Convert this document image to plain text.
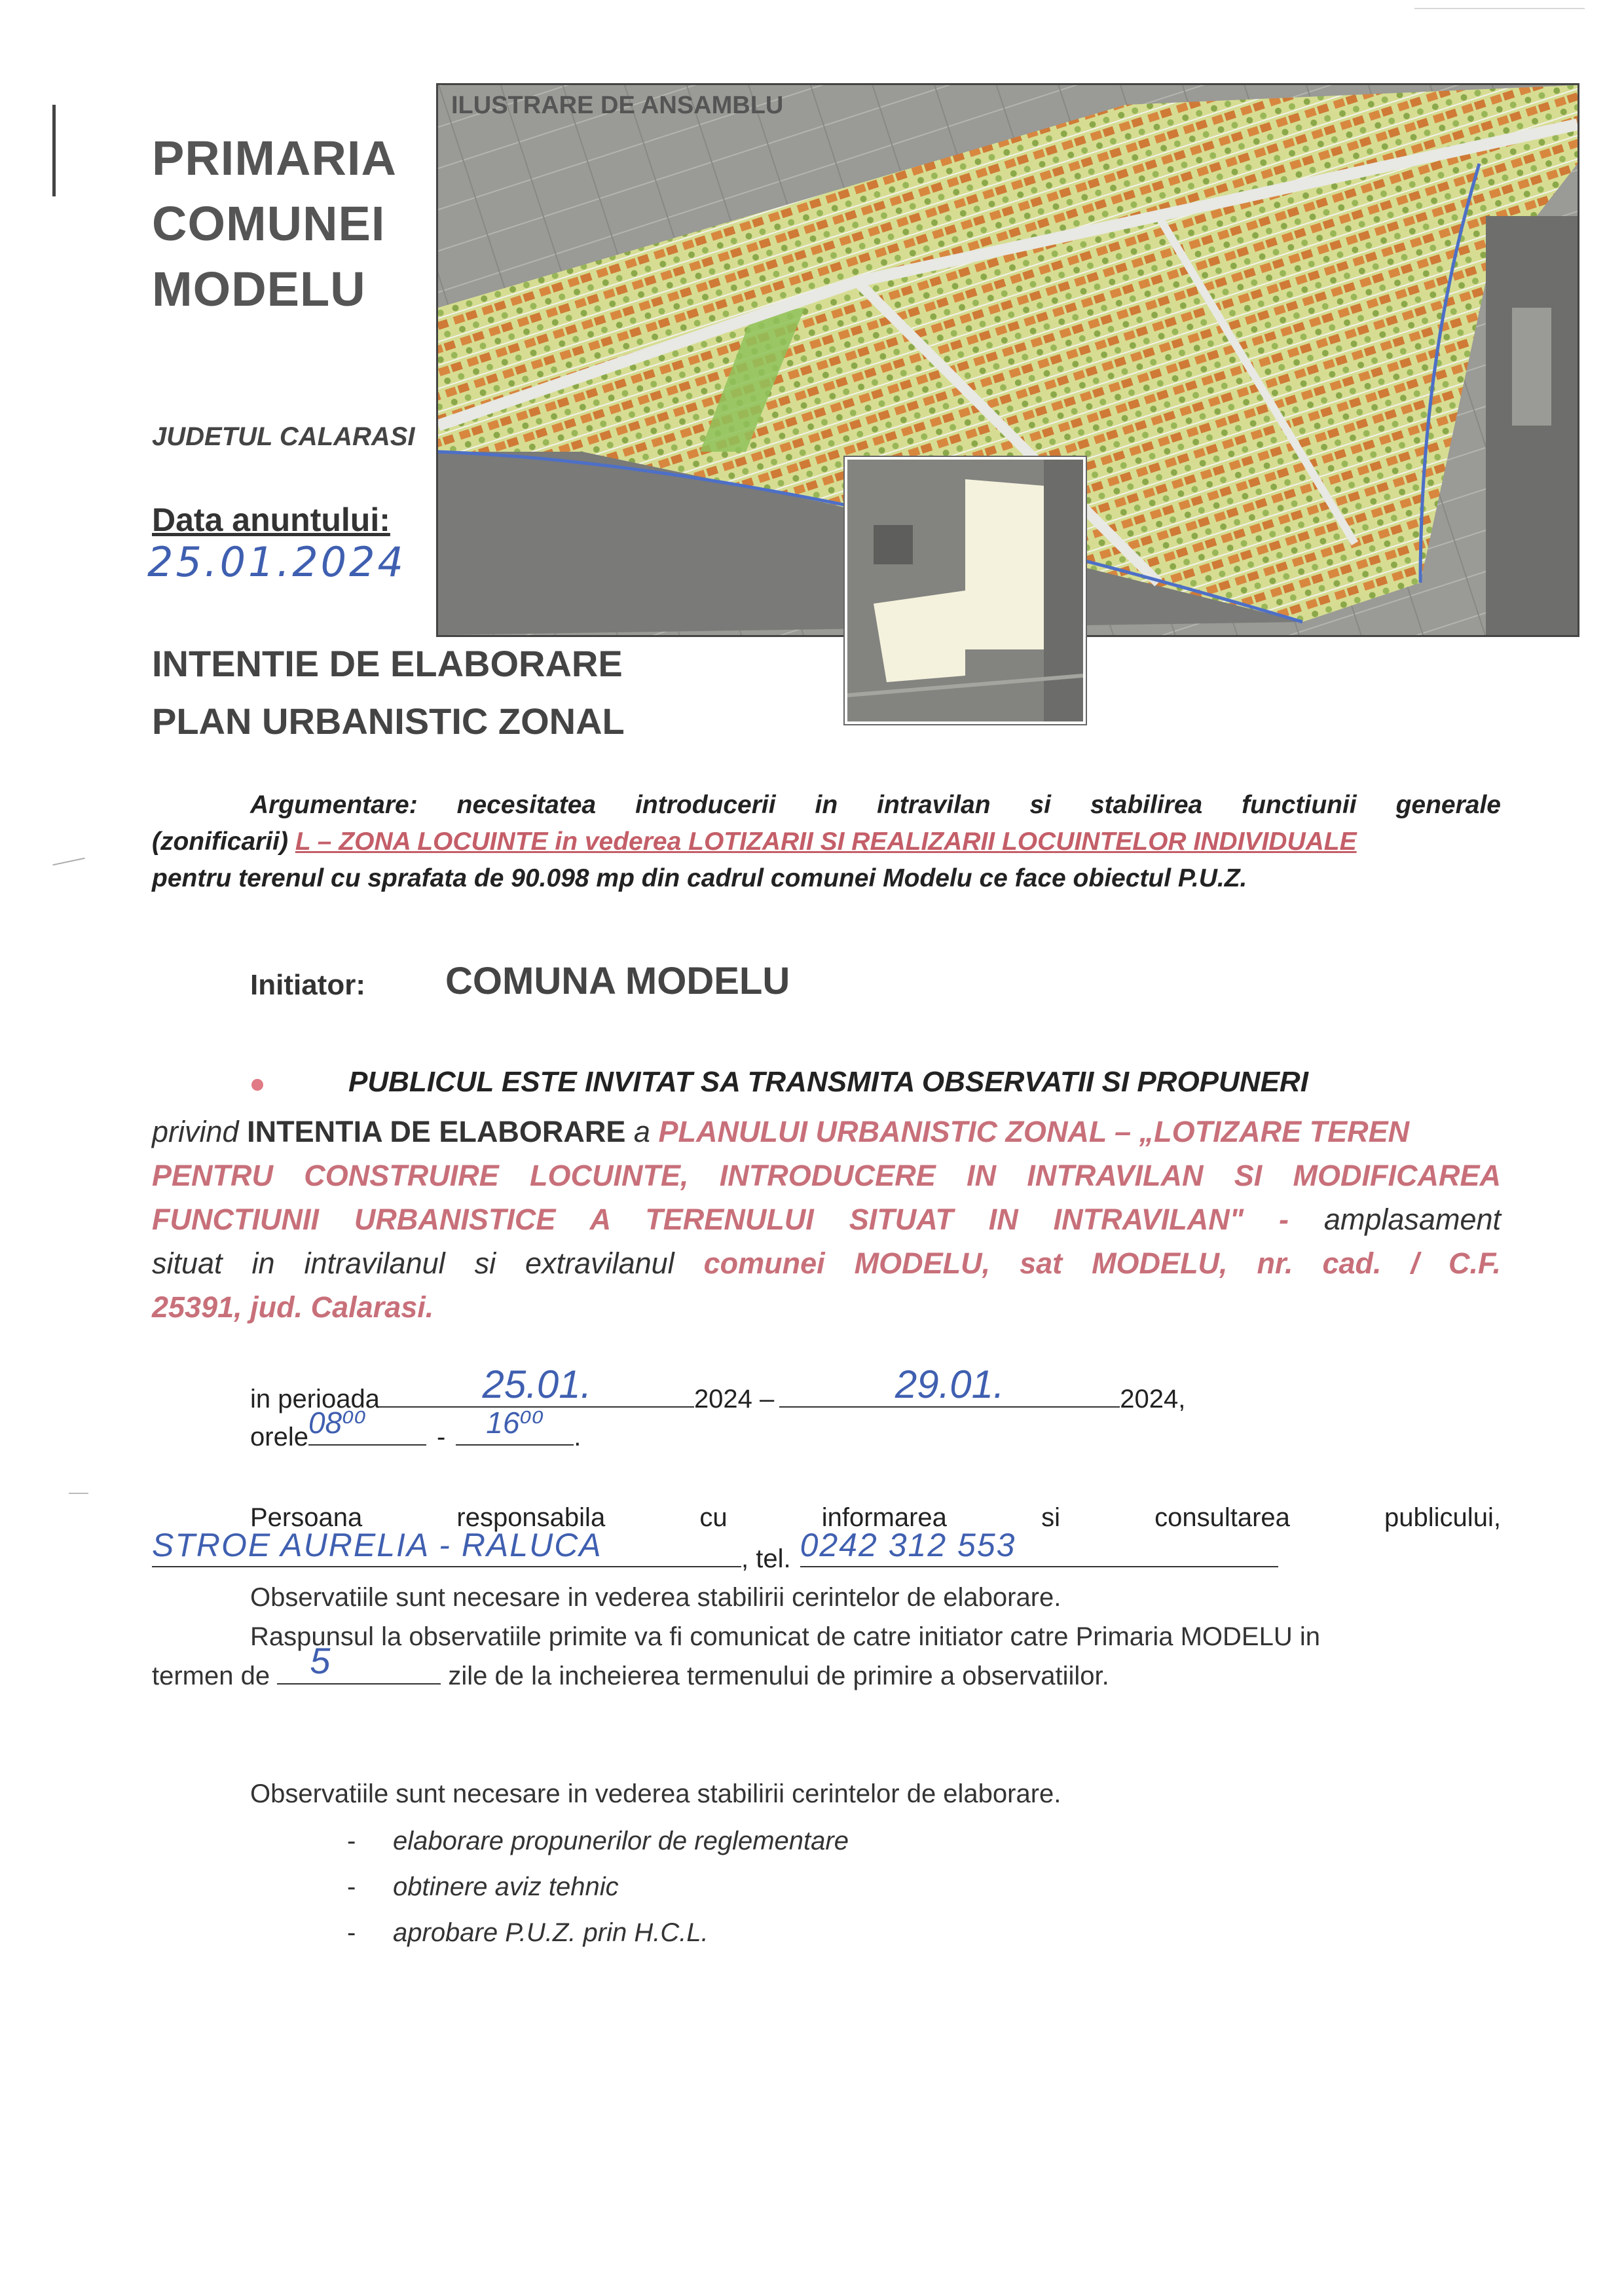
PRIMARIA
COMUNEI
MODELU
JUDETUL CALARASI
Data anuntului:
25.01.2024
ILUSTRARE DE ANSAMBLU
INTENTIE DE ELABORARE
PLAN URBANISTIC ZONAL
Argumentare: necesitatea introducerii in intravilan si stabilirea functiunii generale
(zonificarii) L – ZONA LOCUINTE in vederea LOTIZARII SI REALIZARII LOCUINTELOR INDIVIDUALE
pentru terenul cu sprafata de 90.098 mp din cadrul comunei Modelu ce face obiectul P.U.Z.
Initiator: COMUNA MODELU
PUBLICUL ESTE INVITAT SA TRANSMITA OBSERVATII SI PROPUNERI
privind INTENTIA DE ELABORARE a PLANULUI URBANISTIC ZONAL – „LOTIZARE TEREN
PENTRU CONSTRUIRE LOCUINTE, INTRODUCERE IN INTRAVILAN SI MODIFICAREA
FUNCTIUNII URBANISTICE A TERENULUI SITUAT IN INTRAVILAN" - amplasament
situat in intravilanul si extravilanul comunei MODELU, sat MODELU, nr. cad. / C.F.
25391, jud. Calarasi.
in perioada	25.01.	2024 –	29.01.	2024,
orele 08⁰⁰	-	16⁰⁰	.
Persoana	responsabila	cu	informarea	si	consultarea	publicului,
STROE AURELIA - RALUCA	, tel. 0242 312 553
Observatiile sunt necesare in vederea stabilirii cerintelor de elaborare.
Raspunsul la observatiile primite va fi comunicat de catre initiator catre Primaria MODELU in
termen de	5	zile de la incheierea termenului de primire a observatiilor.
Observatiile sunt necesare in vederea stabilirii cerintelor de elaborare.
- elaborare propunerilor de reglementare
- obtinere aviz tehnic
- aprobare P.U.Z. prin H.C.L.
